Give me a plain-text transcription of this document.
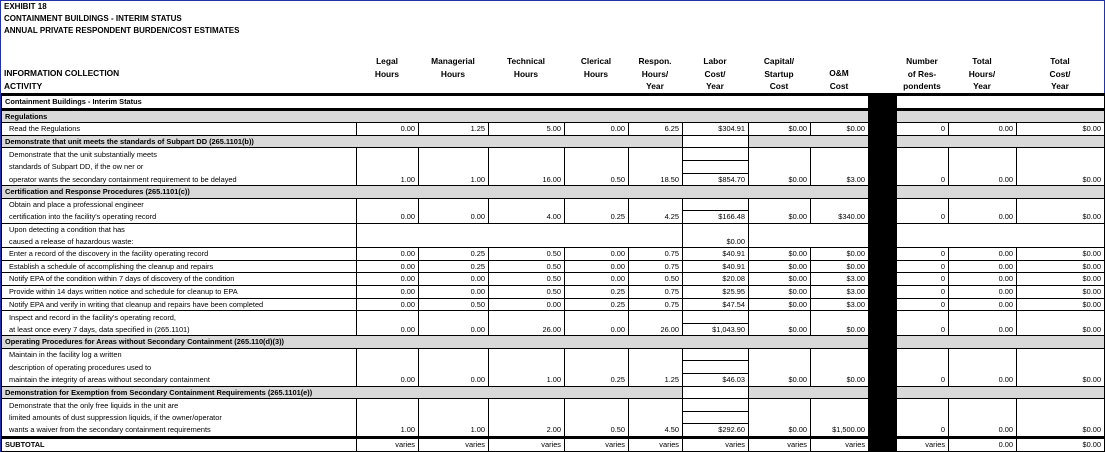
EXHIBIT 18
CONTAINMENT BUILDINGS - INTERIM STATUS
ANNUAL PRIVATE RESPONDENT BURDEN/COST ESTIMATES
INFORMATION COLLECTION
ACTIVITY
Legal
Hours
Managerial
Hours
Technical
Hours
Clerical
Hours
Respon.
Hours/
Year
Labor
Cost/
Year
Capital/
Startup
Cost
O&M
Cost
Number
of Res-
pondents
Total
Hours/
Year
Total
Cost/
Year
Containment Buildings - Interim Status												
Regulations												
Read the Regulations	0.00	1.25	5.00	0.00	6.25	$304.91	$0.00	$0.00		0	0.00	$0.00
Demonstrate that unit meets the standards of Subpart DD (265.1101(b))												
Demonstrate that the unit substantially meets												
standards of Subpart DD, if the ow ner or												
operator wants the secondary containment requirement to be delayed	1.00	1.00	16.00	0.50	18.50	$854.70	$0.00	$3.00		0	0.00	$0.00
Certification and Response Procedures (265.1101(c))												
Obtain and place a professional engineer												
certification into the facility's operating record	0.00	0.00	4.00	0.25	4.25	$166.48	$0.00	$340.00		0	0.00	$0.00
Upon detecting a condition that has												
caused a release of hazardous waste:						$0.00						
Enter a record of the discovery in the facility operating record	0.00	0.25	0.50	0.00	0.75	$40.91	$0.00	$0.00		0	0.00	$0.00
Establish a schedule of accomplishing the cleanup and repairs	0.00	0.25	0.50	0.00	0.75	$40.91	$0.00	$0.00		0	0.00	$0.00
Notify EPA of the condition within 7 days of discovery of the condition	0.00	0.00	0.50	0.00	0.50	$20.08	$0.00	$3.00		0	0.00	$0.00
Provide within 14 days written notice and schedule for cleanup to EPA	0.00	0.00	0.50	0.25	0.75	$25.95	$0.00	$3.00		0	0.00	$0.00
Notify EPA and verify in writing that cleanup and repairs have been completed	0.00	0.50	0.00	0.25	0.75	$47.54	$0.00	$3.00		0	0.00	$0.00
Inspect and record in the facility's operating record,												
at least once every 7 days, data specified in (265.1101)	0.00	0.00	26.00	0.00	26.00	$1,043.90	$0.00	$0.00		0	0.00	$0.00
Operating Procedures for Areas without Secondary Containment (265.110(d)(3))												
Maintain in the facility log a written												
description of operating procedures used to												
maintain the integrity of areas without secondary containment	0.00	0.00	1.00	0.25	1.25	$46.03	$0.00	$0.00		0	0.00	$0.00
Demonstration for Exemption from Secondary Containment Requirements (265.1101(e))												
Demonstrate that the only free liquids in the unit are												
limited amounts of dust suppression liquids, if the owner/operator												
wants a waiver from the secondary containment requirements	1.00	1.00	2.00	0.50	4.50	$292.60	$0.00	$1,500.00		0	0.00	$0.00
SUBTOTAL	varies	varies	varies	varies	varies	varies	varies	varies		varies	0.00	$0.00
